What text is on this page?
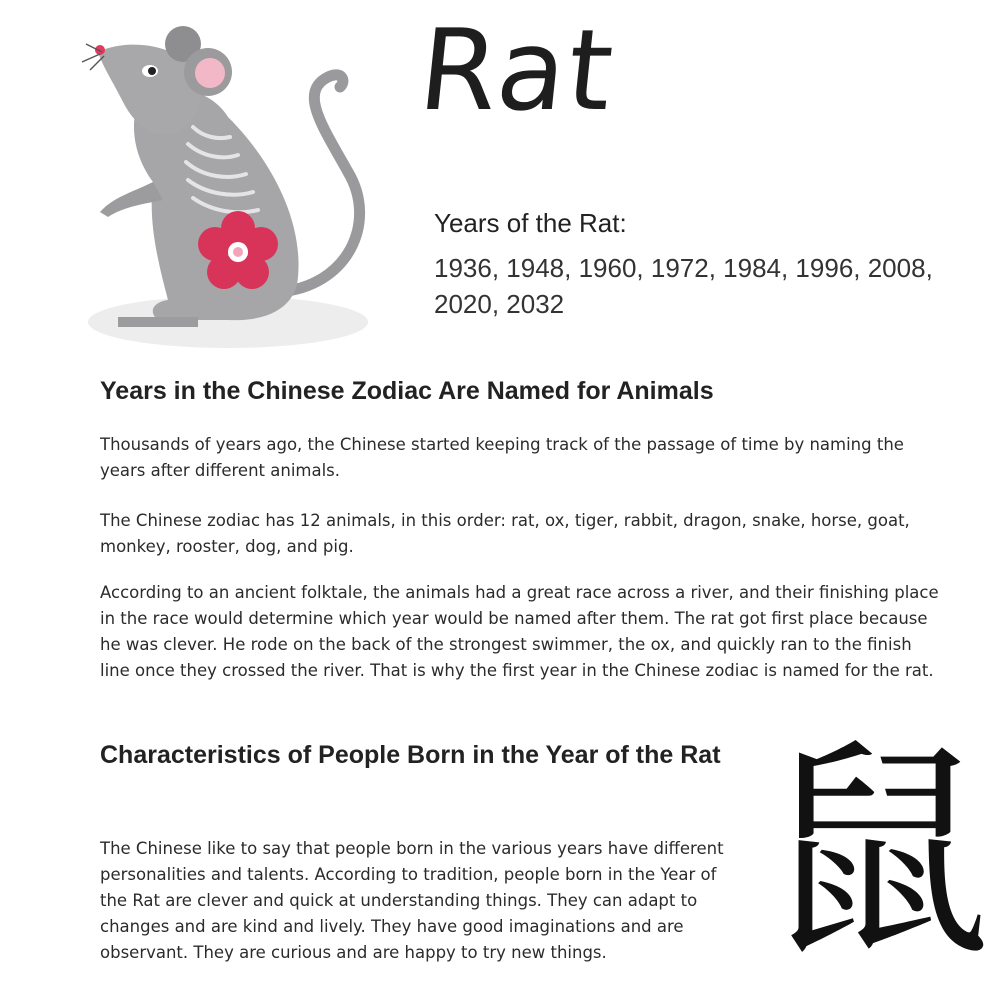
Rat

Years of the Rat:

1936, 1948, 1960, 1972, 1984, 1996, 2008, 2020, 2032

Years in the Chinese Zodiac Are Named for Animals

Thousands of years ago, the Chinese started keeping track of the passage of time by naming the years after different animals.

The Chinese zodiac has 12 animals, in this order: rat, ox, tiger, rabbit, dragon, snake, horse, goat, monkey, rooster, dog, and pig.

According to an ancient folktale, the animals had a great race across a river, and their finishing place in the race would determine which year would be named after them. The rat got first place because he was clever. He rode on the back of the strongest swimmer, the ox, and quickly ran to the finish line once they crossed the river. That is why the first year in the Chinese zodiac is named for the rat.

Characteristics of People Born in the Year of the Rat

The Chinese like to say that people born in the various years have different personalities and talents. According to tradition, people born in the Year of the Rat are clever and quick at understanding things. They can adapt to changes and are kind and lively. They have good imaginations and are observant. They are curious and are happy to try new things. 鼠
